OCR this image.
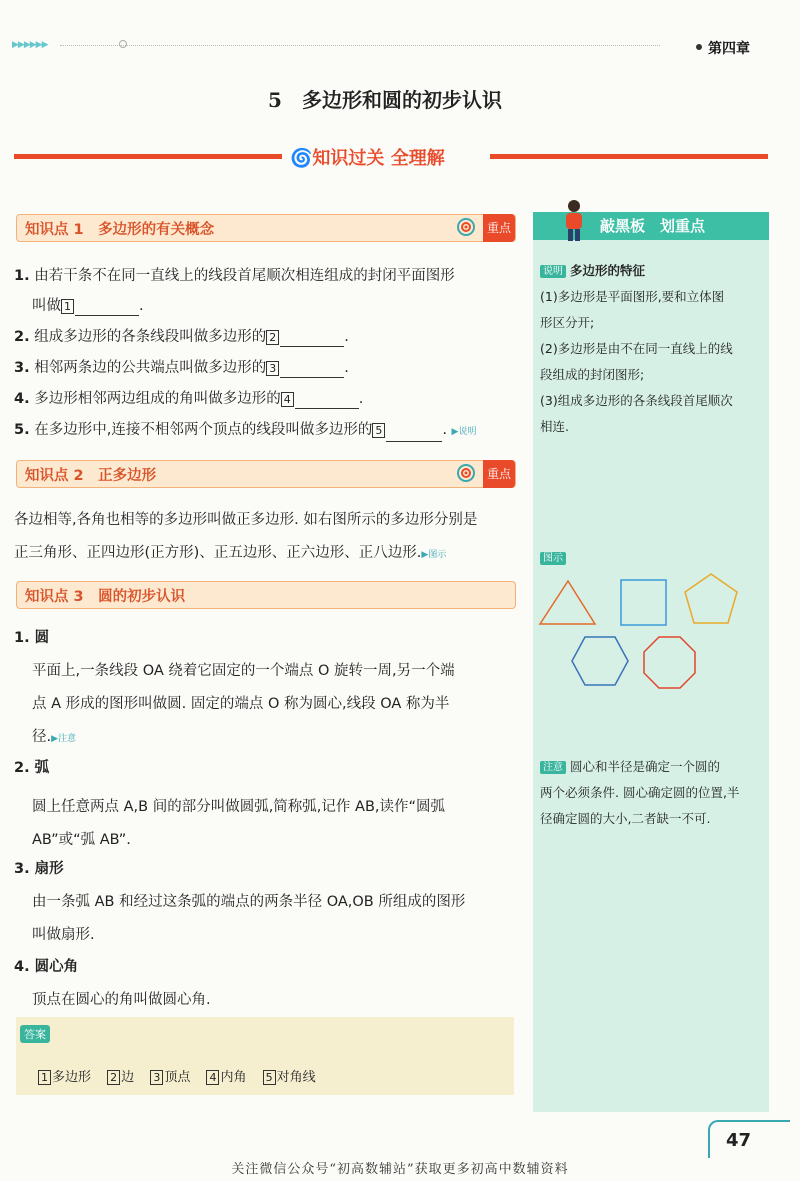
▶▶▶▶▶▶	第四章
5　多边形和圆的初步认识
🌀知识过关 全理解
知识点 1　多边形的有关概念	重点
1. 由若干条不在同一直线上的线段首尾顺次相连组成的封闭平面图形
叫做 1	.
2. 组成多边形的各条线段叫做多边形的 2	.
3. 相邻两条边的公共端点叫做多边形的 3	.
4. 多边形相邻两边组成的角叫做多边形的 4	.
5. 在多边形中,连接不相邻两个顶点的线段叫做多边形的 5	. ▶说明
知识点 2　正多边形	重点
各边相等,各角也相等的多边形叫做正多边形. 如右图所示的多边形分别是
正三角形、正四边形(正方形)、正五边形、正六边形、正八边形.▶图示
知识点 3　圆的初步认识
1. 圆
平面上,一条线段 OA 绕着它固定的一个端点 O 旋转一周,另一个端
点 A 形成的图形叫做圆. 固定的端点 O 称为圆心,线段 OA 称为半
径.▶注意
2. 弧
圆上任意两点 A,B 间的部分叫做圆弧,简称弧,记作 AB,读作“圆弧
AB”或“弧 AB”.
3. 扇形
由一条弧 AB 和经过这条弧的端点的两条半径 OA,OB 所组成的图形
叫做扇形.
4. 圆心角
顶点在圆心的角叫做圆心角.
答案
1 多边形 2 边 3 顶点 4 内角 5 对角线
敲黑板　划重点
说明 多边形的特征
(1)多边形是平面图形,要和立体图
形区分开;
(2)多边形是由不在同一直线上的线
段组成的封闭图形;
(3)组成多边形的各条线段首尾顺次
相连.
图示
注意 圆心和半径是确定一个圆的
两个必须条件. 圆心确定圆的位置,半
径确定圆的大小,二者缺一不可.
47
关注微信公众号“初高数辅站”获取更多初高中数辅资料
